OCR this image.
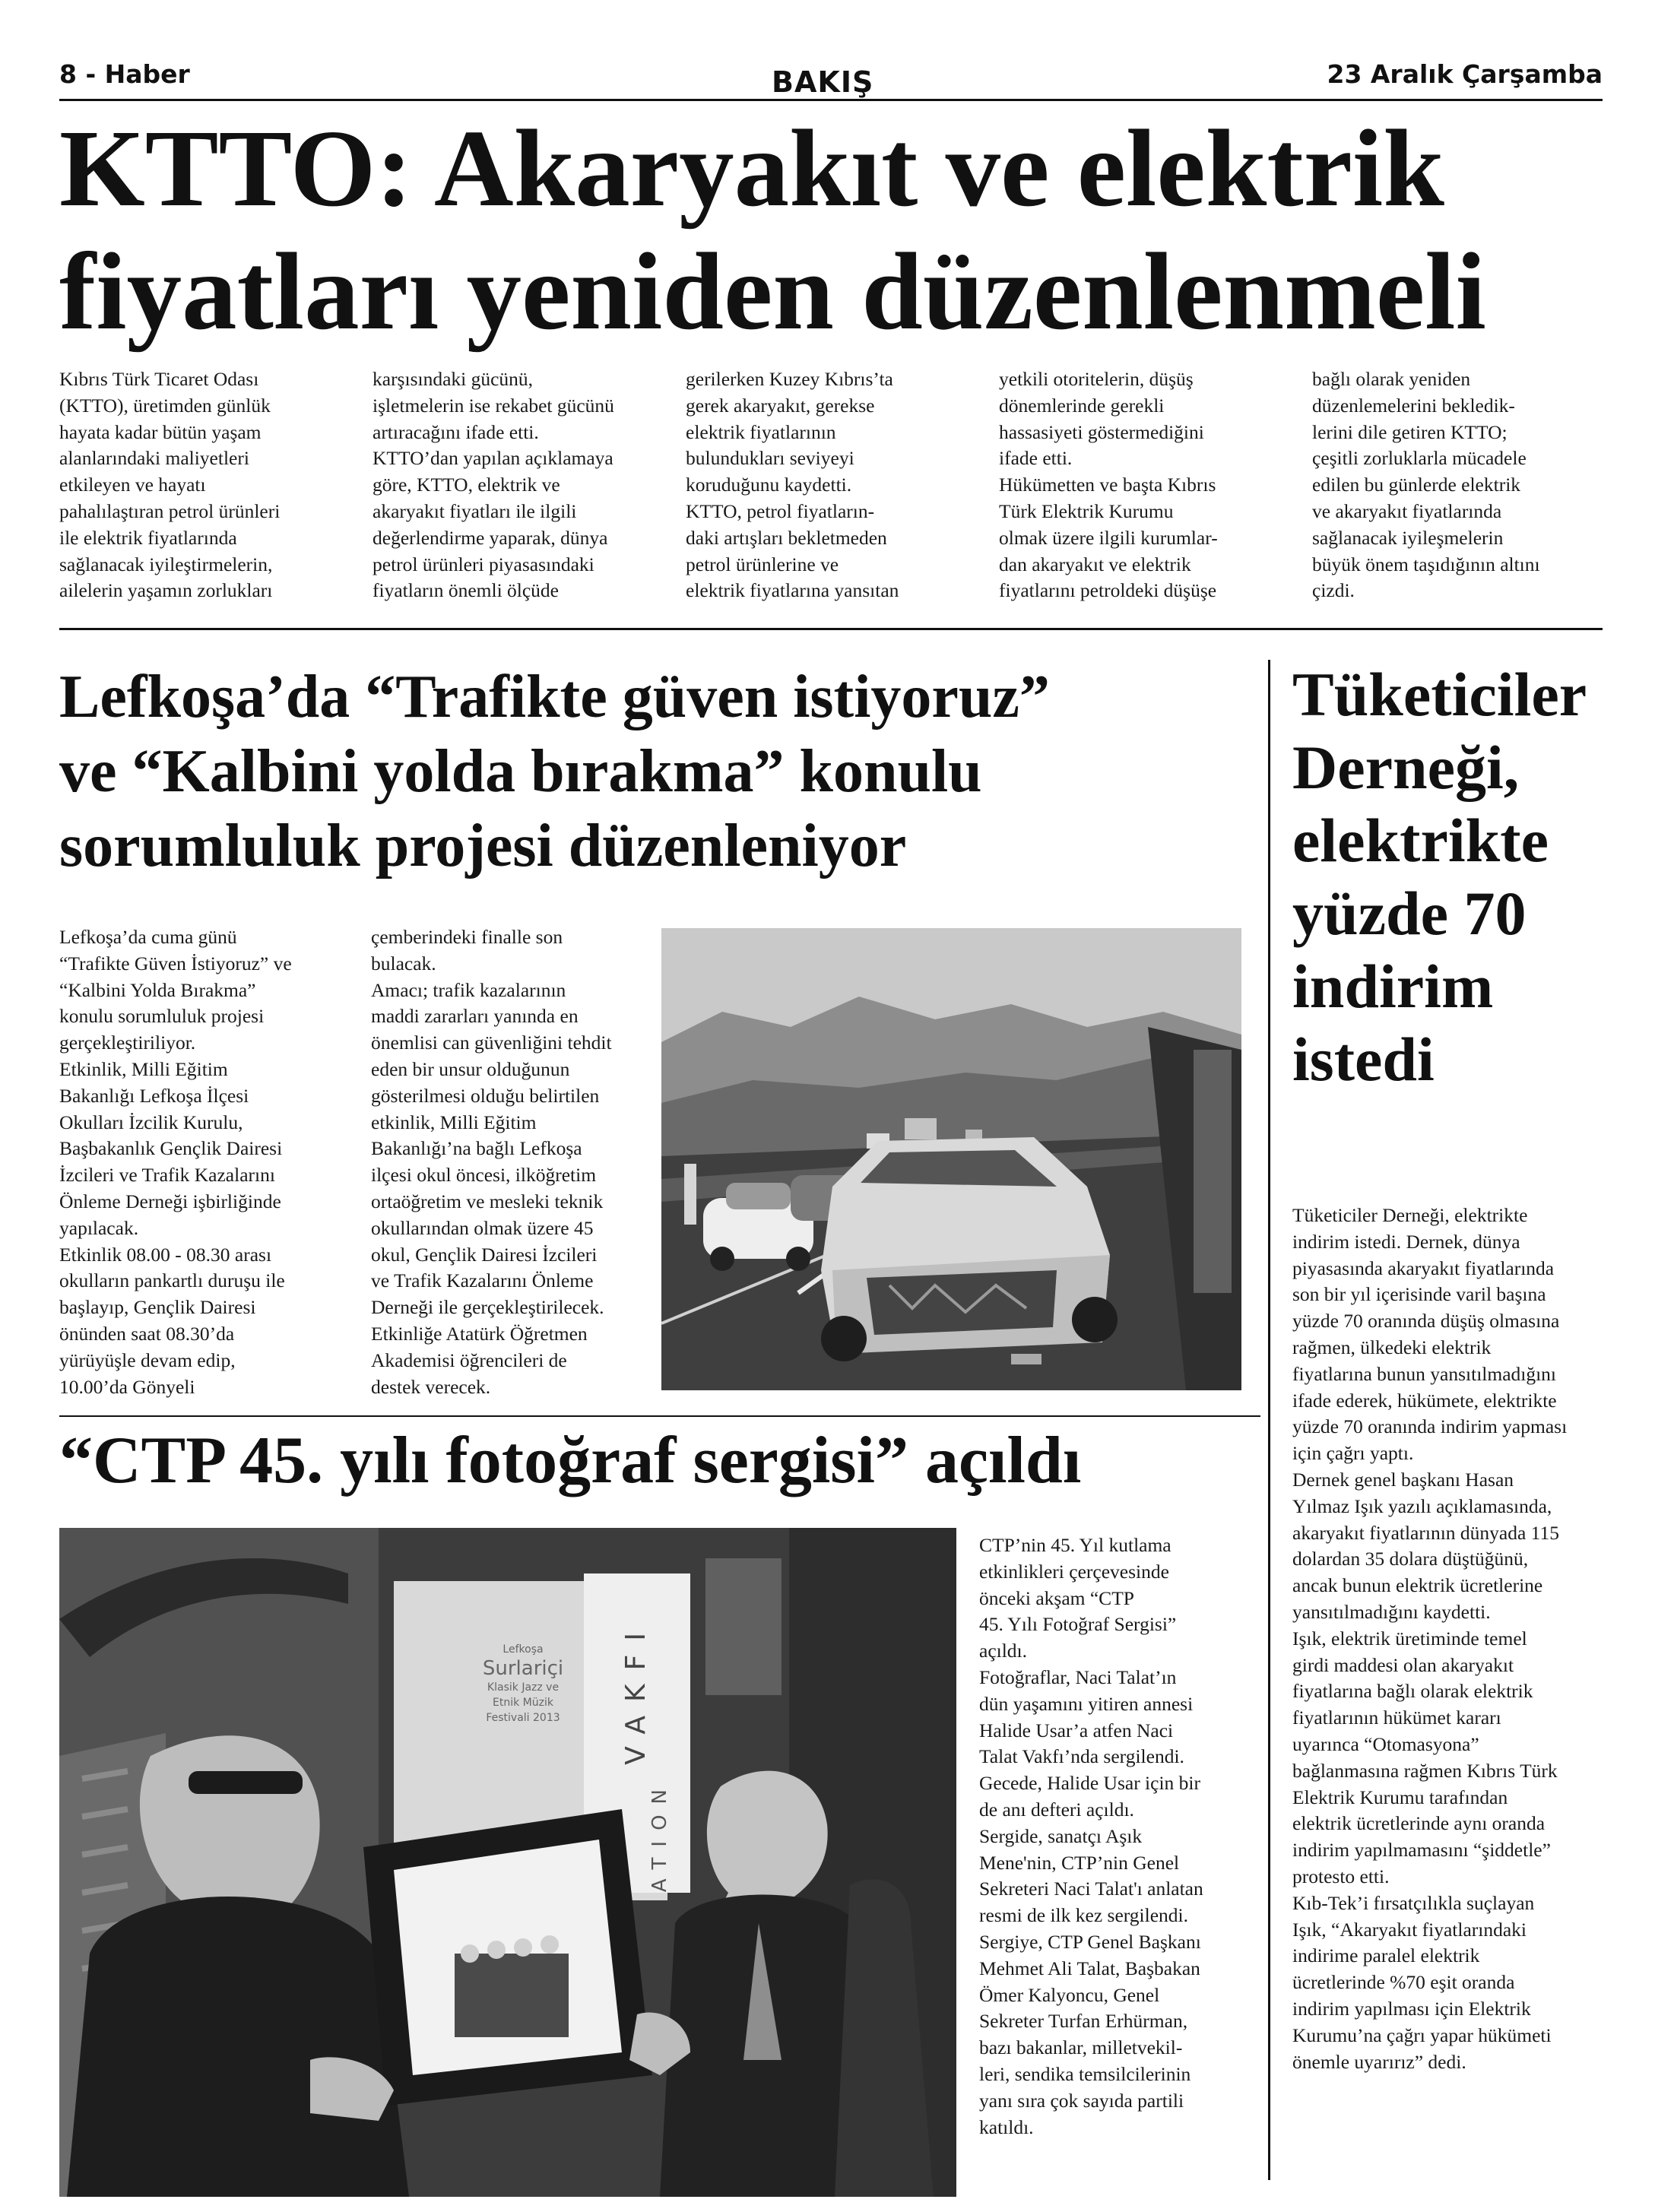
8 - Haber	BAKIŞ	23 Aralık Çarşamba
KTTO: Akaryakıt ve elektrik
fiyatları yeniden düzenlenmeli
Kıbrıs Türk Ticaret Odası
(KTTO), üretimden günlük
hayata kadar bütün yaşam
alanlarındaki maliyetleri
etkileyen ve hayatı
pahalılaştıran petrol ürünleri
ile elektrik fiyatlarında
sağlanacak iyileştirmelerin,
ailelerin yaşamın zorlukları
karşısındaki gücünü,
işletmelerin ise rekabet gücünü
artıracağını ifade etti.
KTTO’dan yapılan açıklamaya
göre, KTTO, elektrik ve
akaryakıt fiyatları ile ilgili
değerlendirme yaparak, dünya
petrol ürünleri piyasasındaki
fiyatların önemli ölçüde
gerilerken Kuzey Kıbrıs’ta
gerek akaryakıt, gerekse
elektrik fiyatlarının
bulundukları seviyeyi
koruduğunu kaydetti.
KTTO, petrol fiyatların-
daki artışları bekletmeden
petrol ürünlerine ve
elektrik fiyatlarına yansıtan
yetkili otoritelerin, düşüş
dönemlerinde gerekli
hassasiyeti göstermediğini
ifade etti.
Hükümetten ve başta Kıbrıs
Türk Elektrik Kurumu
olmak üzere ilgili kurumlar-
dan akaryakıt ve elektrik
fiyatlarını petroldeki düşüşe
bağlı olarak yeniden
düzenlemelerini bekledik-
lerini dile getiren KTTO;
çeşitli zorluklarla mücadele
edilen bu günlerde elektrik
ve akaryakıt fiyatlarında
sağlanacak iyileşmelerin
büyük önem taşıdığının altını
çizdi.
Lefkoşa’da “Trafikte güven istiyoruz”
ve “Kalbini yolda bırakma” konulu
sorumluluk projesi düzenleniyor
Lefkoşa’da cuma günü
“Trafikte Güven İstiyoruz” ve
“Kalbini Yolda Bırakma”
konulu sorumluluk projesi
gerçekleştiriliyor.
Etkinlik, Milli Eğitim
Bakanlığı Lefkoşa İlçesi
Okulları İzcilik Kurulu,
Başbakanlık Gençlik Dairesi
İzcileri ve Trafik Kazalarını
Önleme Derneği işbirliğinde
yapılacak.
Etkinlik 08.00 - 08.30 arası
okulların pankartlı duruşu ile
başlayıp, Gençlik Dairesi
önünden saat 08.30’da
yürüyüşle devam edip,
10.00’da Gönyeli
çemberindeki finalle son
bulacak.
Amacı; trafik kazalarının
maddi zararları yanında en
önemlisi can güvenliğini tehdit
eden bir unsur olduğunun
gösterilmesi olduğu belirtilen
etkinlik, Milli Eğitim
Bakanlığı’na bağlı Lefkoşa
ilçesi okul öncesi, ilköğretim
ortaöğretim ve mesleki teknik
okullarından olmak üzere 45
okul, Gençlik Dairesi İzcileri
ve Trafik Kazalarını Önleme
Derneği ile gerçekleştirilecek.
Etkinliğe Atatürk Öğretmen
Akademisi öğrencileri de
destek verecek.
“CTP 45. yılı fotoğraf sergisi” açıldı
Lefkoşa
Surlariçi
Klasik Jazz ve
Etnik Müzik
Festivali 2013	VAKFI
ATION
CTP’nin 45. Yıl kutlama
etkinlikleri çerçevesinde
önceki akşam “CTP
45. Yılı Fotoğraf Sergisi”
açıldı.
Fotoğraflar, Naci Talat’ın
dün yaşamını yitiren annesi
Halide Usar’a atfen Naci
Talat Vakfı’nda sergilendi.
Gecede, Halide Usar için bir
de anı defteri açıldı.
Sergide, sanatçı Aşık
Mene'nin, CTP’nin Genel
Sekreteri Naci Talat'ı anlatan
resmi de ilk kez sergilendi.
Sergiye, CTP Genel Başkanı
Mehmet Ali Talat, Başbakan
Ömer Kalyoncu, Genel
Sekreter Turfan Erhürman,
bazı bakanlar, milletvekil-
leri, sendika temsilcilerinin
yanı sıra çok sayıda partili
katıldı.
Tüketiciler
Derneği,
elektrikte
yüzde 70
indirim
istedi
Tüketiciler Derneği, elektrikte
indirim istedi. Dernek, dünya
piyasasında akaryakıt fiyatlarında
son bir yıl içerisinde varil başına
yüzde 70 oranında düşüş olmasına
rağmen, ülkedeki elektrik
fiyatlarına bunun yansıtılmadığını
ifade ederek, hükümete, elektrikte
yüzde 70 oranında indirim yapması
için çağrı yaptı.
Dernek genel başkanı Hasan
Yılmaz Işık yazılı açıklamasında,
akaryakıt fiyatlarının dünyada 115
dolardan 35 dolara düştüğünü,
ancak bunun elektrik ücretlerine
yansıtılmadığını kaydetti.
Işık, elektrik üretiminde temel
girdi maddesi olan akaryakıt
fiyatlarına bağlı olarak elektrik
fiyatlarının hükümet kararı
uyarınca “Otomasyona”
bağlanmasına rağmen Kıbrıs Türk
Elektrik Kurumu tarafından
elektrik ücretlerinde aynı oranda
indirim yapılmamasını “şiddetle”
protesto etti.
Kıb-Tek’i fırsatçılıkla suçlayan
Işık, “Akaryakıt fiyatlarındaki
indirime paralel elektrik
ücretlerinde %70 eşit oranda
indirim yapılması için Elektrik
Kurumu’na çağrı yapar hükümeti
önemle uyarırız” dedi.
